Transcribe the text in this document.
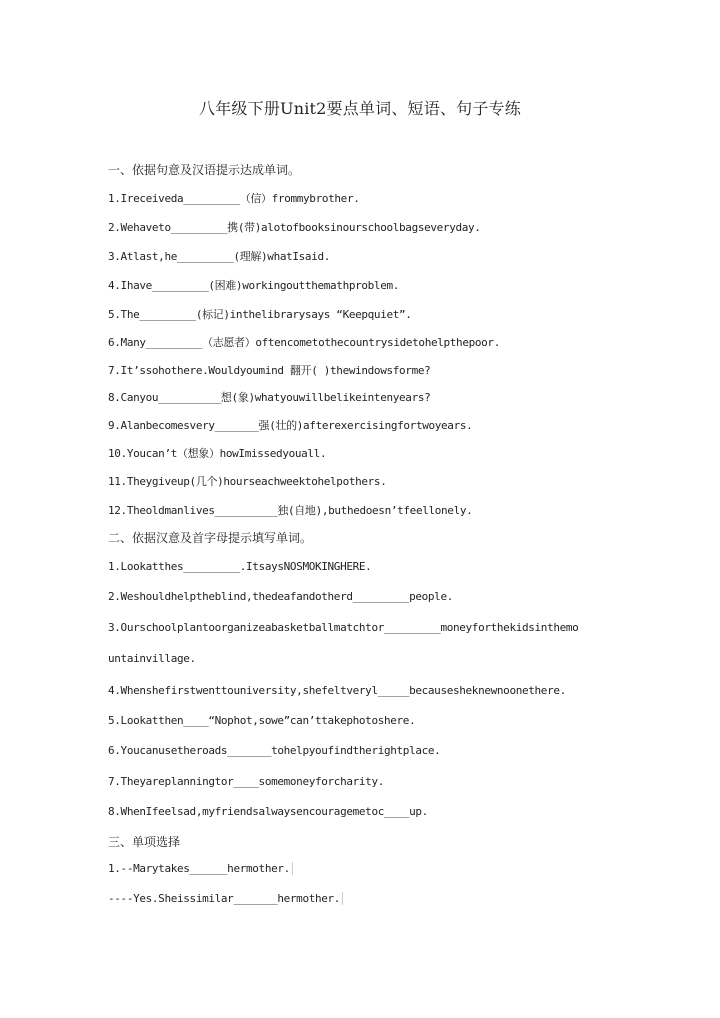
八年级下册Unit2要点单词、短语、句子专练
一、依据句意及汉语提示达成单词。
1.Ireceiveda_________（信）frommybrother.
2.Wehaveto_________携(带)alotofbooksinourschoolbagseveryday.
3.Atlast,he_________(理解)whatIsaid.
4.Ihave_________(困难)workingoutthemathproblem.
5.The_________(标记)inthelibrarysays “Keepquiet”.
6.Many_________（志愿者）oftencometothecountrysidetohelpthepoor.
7.It’ssohothere.Wouldyoumind 翻开( )thewindowsforme?
8.Canyou__________想(象)whatyouwillbelikeintenyears?
9.Alanbecomesvery_______强(壮的)afterexercisingfortwoyears.
10.Youcan’t（想象）howImissedyouall.
11.Theygiveup(几个)hourseachweektohelpothers.
12.Theoldmanlives__________独(自地),buthedoesn’tfeellonely.
二、依据汉意及首字母提示填写单词。
1.Lookatthes_________.ItsaysNOSMOKINGHERE.
2.Weshouldhelptheblind,thedeafandotherd_________people.
3.Ourschoolplantoorganizeabasketballmatchtor_________moneyforthekidsinthemo
untainvillage.
4.Whenshefirstwenttouniversity,shefeltveryl_____becausesheknewnoonethere.
5.Lookatthen____“Nophot,sowe”can’ttakephotoshere.
6.Youcanusetheroads_______tohelpyoufindtherightplace.
7.Theyareplanningtor____somemoneyforcharity.
8.WhenIfeelsad,myfriendsalwaysencouragemetoc____up.
三、单项选择
1.--Marytakes______hermother.
----Yes.Sheissimilar_______hermother.
